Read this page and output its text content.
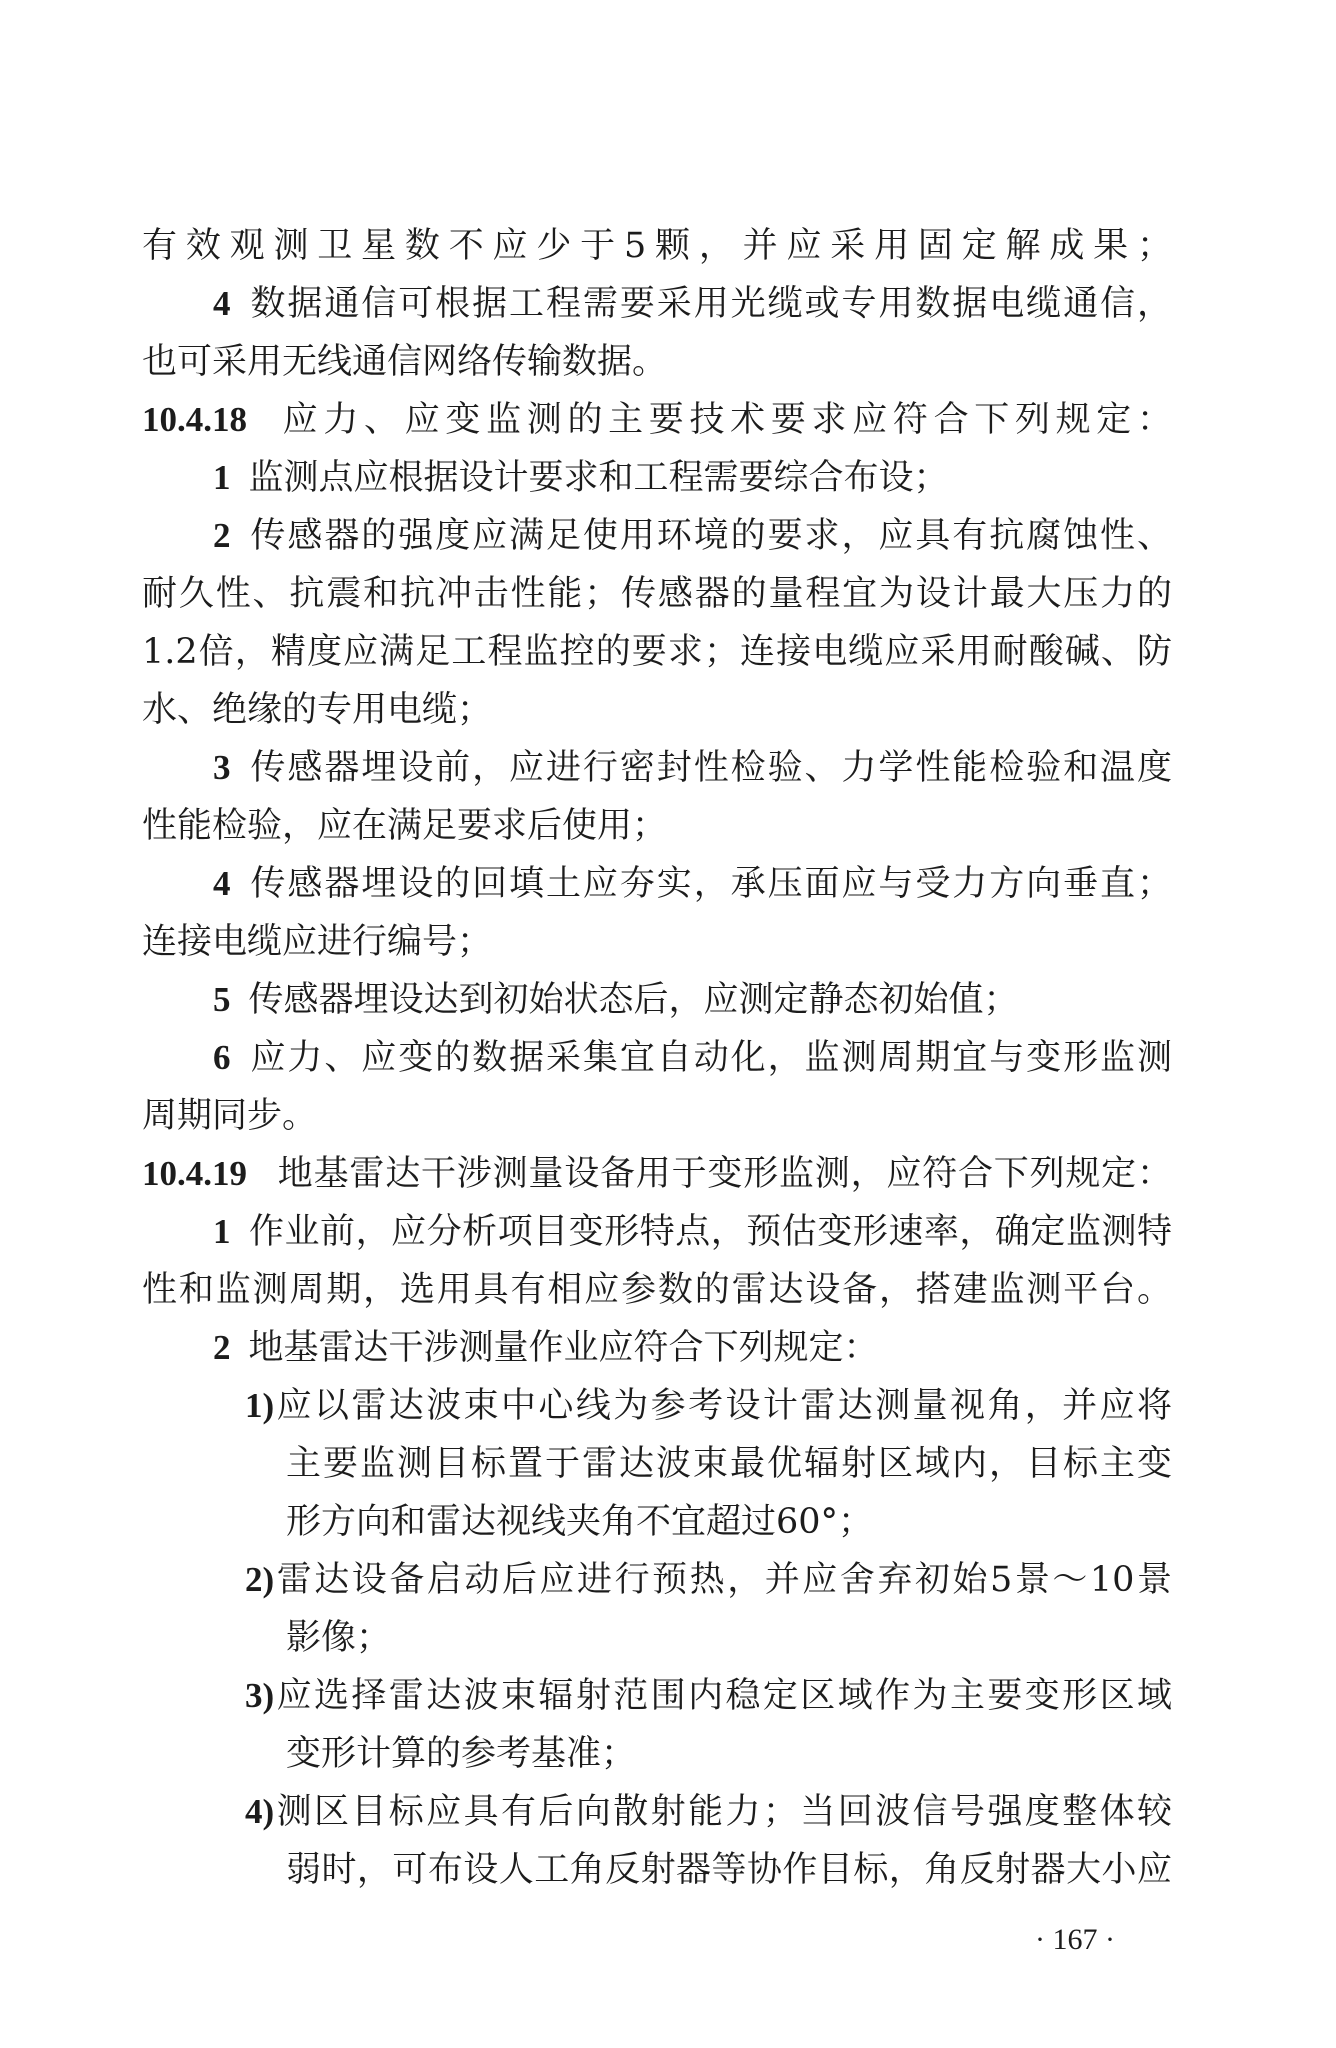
有效观测卫星数不应少于5颗，并应采用固定解成果；
4 数据通信可根据工程需要采用光缆或专用数据电缆通信，
也可采用无线通信网络传输数据。
10.4.18 应力、应变监测的主要技术要求应符合下列规定：
1 监测点应根据设计要求和工程需要综合布设；
2 传感器的强度应满足使用环境的要求，应具有抗腐蚀性、
耐久性、抗震和抗冲击性能；传感器的量程宜为设计最大压力的
1.2倍，精度应满足工程监控的要求；连接电缆应采用耐酸碱、防
水、绝缘的专用电缆；
3 传感器埋设前，应进行密封性检验、力学性能检验和温度
性能检验，应在满足要求后使用；
4 传感器埋设的回填土应夯实，承压面应与受力方向垂直；
连接电缆应进行编号；
5 传感器埋设达到初始状态后，应测定静态初始值；
6 应力、应变的数据采集宜自动化，监测周期宜与变形监测
周期同步。
10.4.19 地基雷达干涉测量设备用于变形监测，应符合下列规定：
1 作业前，应分析项目变形特点，预估变形速率，确定监测特
性和监测周期，选用具有相应参数的雷达设备，搭建监测平台。
2 地基雷达干涉测量作业应符合下列规定：
1)应以雷达波束中心线为参考设计雷达测量视角，并应将
主要监测目标置于雷达波束最优辐射区域内，目标主变
形方向和雷达视线夹角不宜超过60°；
2)雷达设备启动后应进行预热，并应舍弃初始5景～10景
影像；
3)应选择雷达波束辐射范围内稳定区域作为主要变形区域
变形计算的参考基准；
4)测区目标应具有后向散射能力；当回波信号强度整体较
弱时，可布设人工角反射器等协作目标，角反射器大小应
· 167 ·
